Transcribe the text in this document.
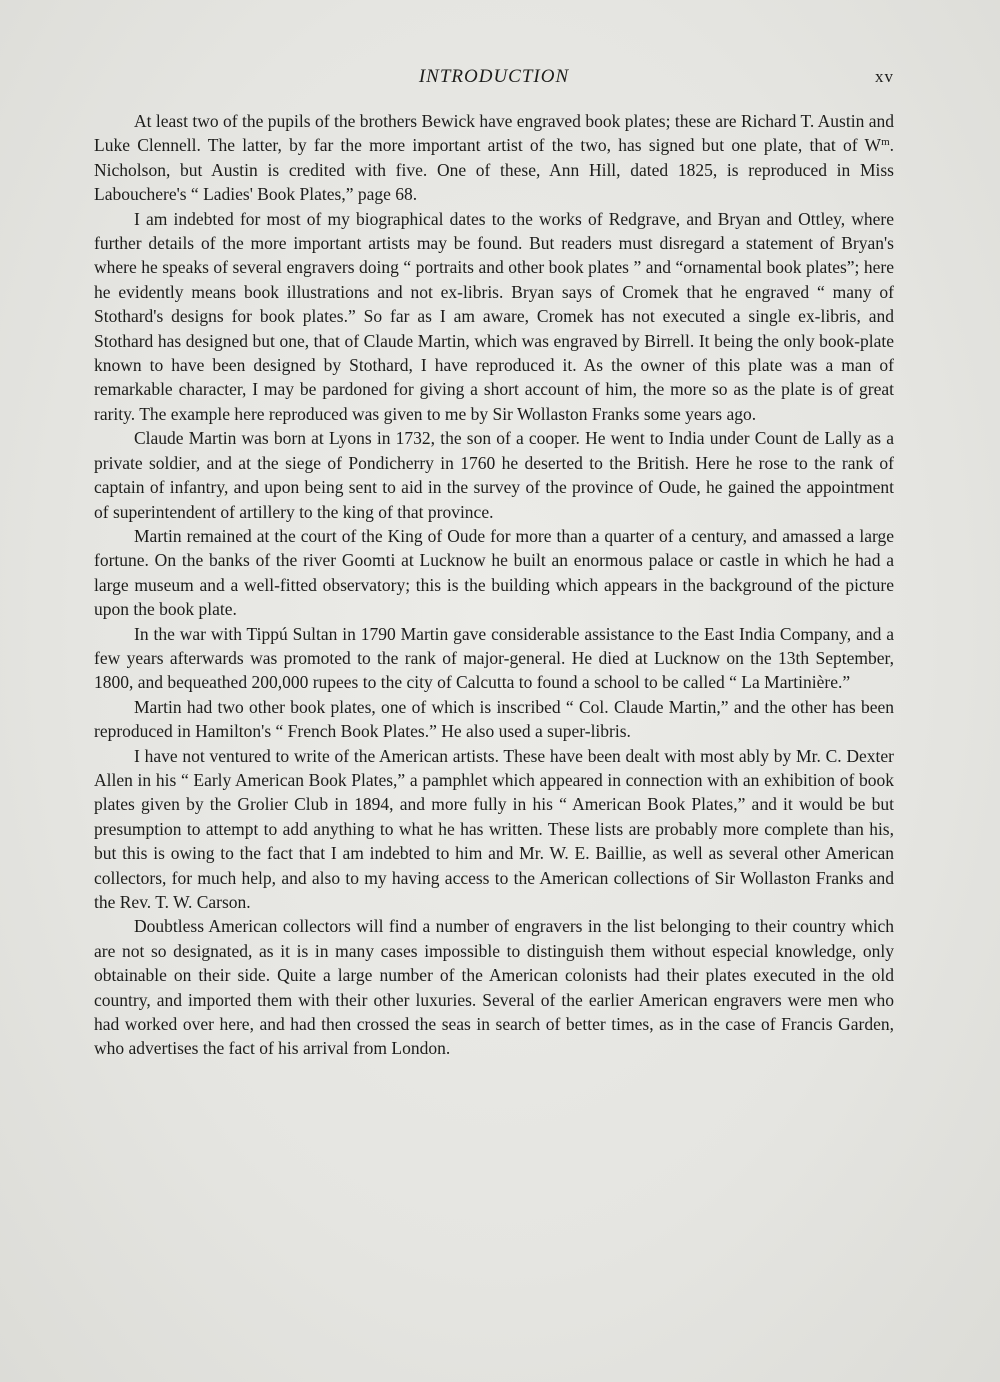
INTRODUCTION	xv

At least two of the pupils of the brothers Bewick have engraved book plates; these are Richard T. Austin and Luke Clennell. The latter, by far the more important artist of the two, has signed but one plate, that of $W^m$. Nicholson, but Austin is credited with five. One of these, Ann Hill, dated 1825, is reproduced in Miss Labouchere's “ Ladies' Book Plates,” page 68.

I am indebted for most of my biographical dates to the works of Redgrave, and Bryan and Ottley, where further details of the more important artists may be found. But readers must disregard a statement of Bryan's where he speaks of several engravers doing “ portraits and other book plates ” and “ornamental book plates”; here he evidently means book illustrations and not ex-libris. Bryan says of Cromek that he engraved “ many of Stothard's designs for book plates.” So far as I am aware, Cromek has not executed a single ex-libris, and Stothard has designed but one, that of Claude Martin, which was engraved by Birrell. It being the only book-plate known to have been designed by Stothard, I have reproduced it. As the owner of this plate was a man of remarkable character, I may be pardoned for giving a short account of him, the more so as the plate is of great rarity. The example here reproduced was given to me by Sir Wollaston Franks some years ago.

Claude Martin was born at Lyons in 1732, the son of a cooper. He went to India under Count de Lally as a private soldier, and at the siege of Pondicherry in 1760 he deserted to the British. Here he rose to the rank of captain of infantry, and upon being sent to aid in the survey of the province of Oude, he gained the appointment of superintendent of artillery to the king of that province.

Martin remained at the court of the King of Oude for more than a quarter of a century, and amassed a large fortune. On the banks of the river Goomti at Lucknow he built an enormous palace or castle in which he had a large museum and a well-fitted observatory; this is the building which appears in the background of the picture upon the book plate.

In the war with Tippú Sultan in 1790 Martin gave considerable assistance to the East India Company, and a few years afterwards was promoted to the rank of major-general. He died at Lucknow on the 13th September, 1800, and bequeathed 200,000 rupees to the city of Calcutta to found a school to be called “ La Martinière.”

Martin had two other book plates, one of which is inscribed “ Col. Claude Martin,” and the other has been reproduced in Hamilton's “ French Book Plates.” He also used a super-libris.

I have not ventured to write of the American artists. These have been dealt with most ably by Mr. C. Dexter Allen in his “ Early American Book Plates,” a pamphlet which appeared in connection with an exhibition of book plates given by the Grolier Club in 1894, and more fully in his “ American Book Plates,” and it would be but presumption to attempt to add anything to what he has written. These lists are probably more complete than his, but this is owing to the fact that I am indebted to him and Mr. W. E. Baillie, as well as several other American collectors, for much help, and also to my having access to the American collections of Sir Wollaston Franks and the Rev. T. W. Carson.

Doubtless American collectors will find a number of engravers in the list belonging to their country which are not so designated, as it is in many cases impossible to distinguish them without especial knowledge, only obtainable on their side. Quite a large number of the American colonists had their plates executed in the old country, and imported them with their other luxuries. Several of the earlier American engravers were men who had worked over here, and had then crossed the seas in search of better times, as in the case of Francis Garden, who advertises the fact of his arrival from London.
